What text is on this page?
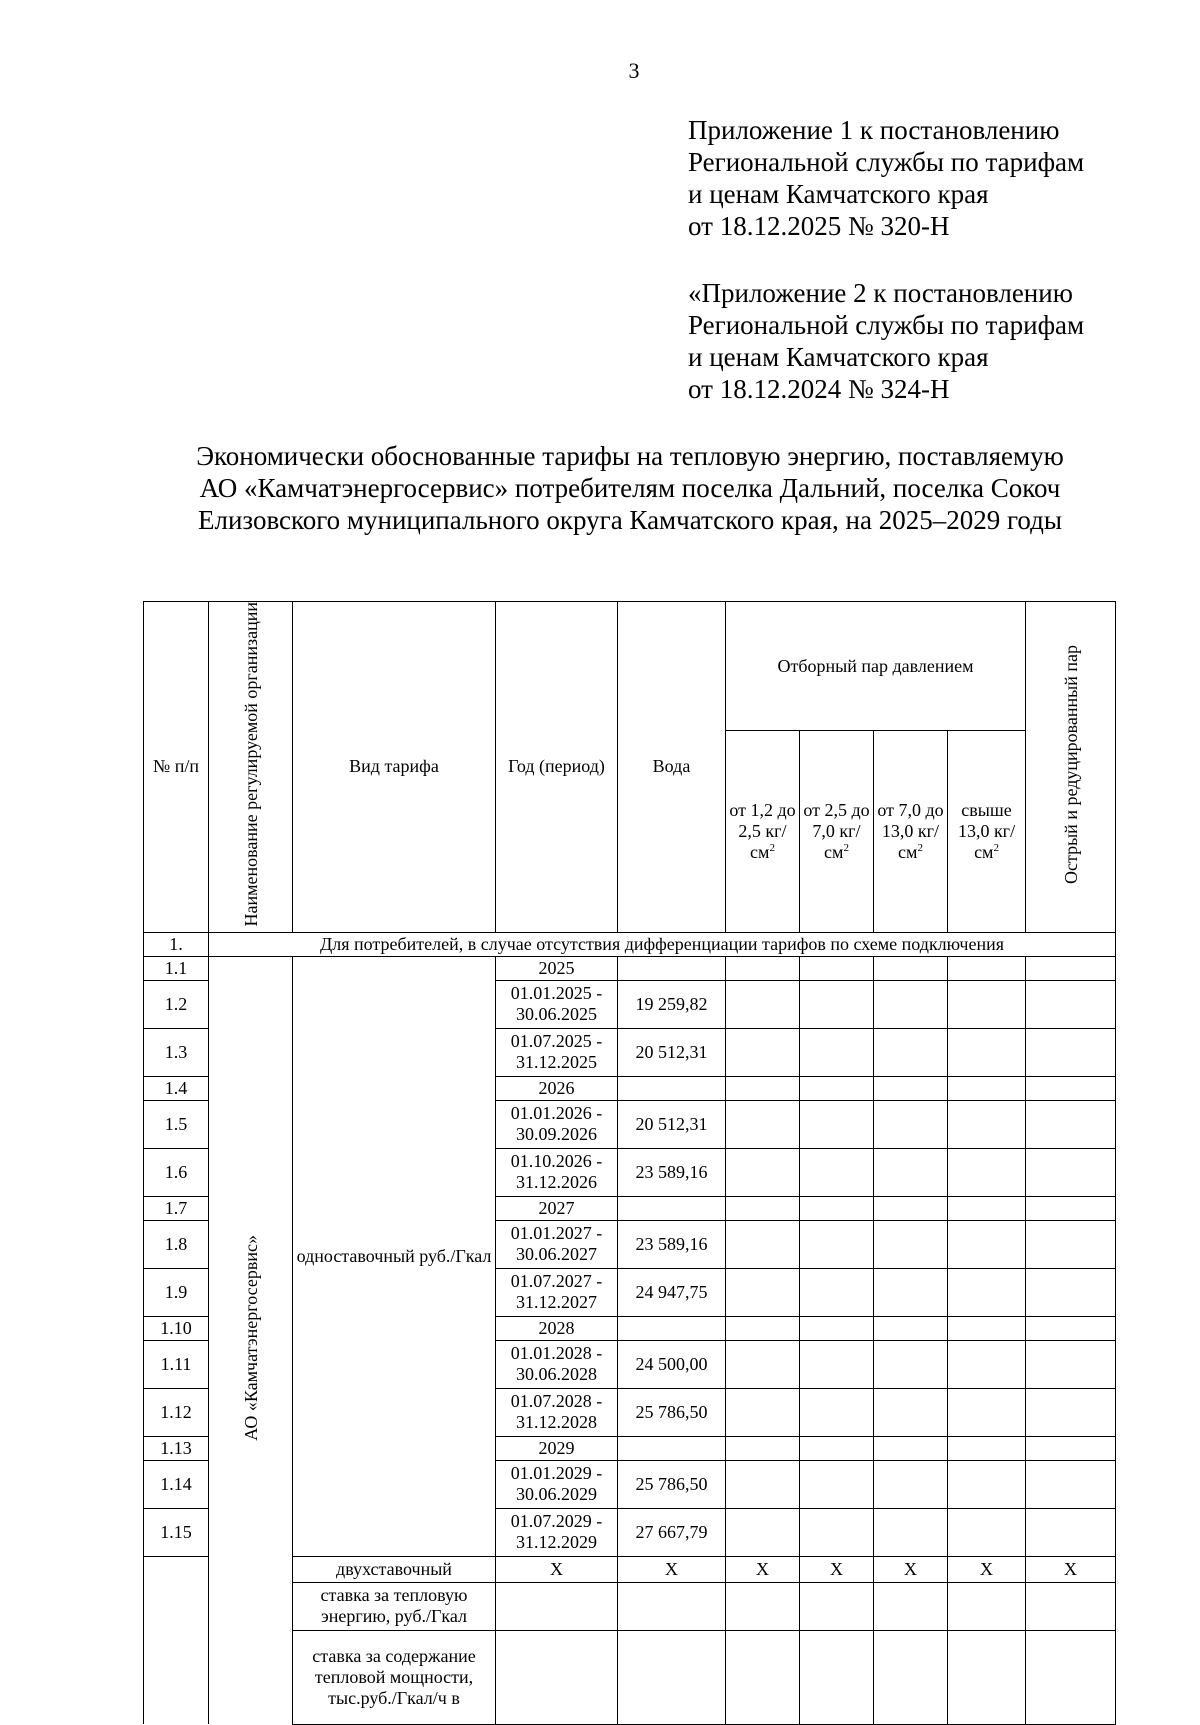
3
Приложение 1 к постановлению
Региональной службы по тарифам
и ценам Камчатского края
от 18.12.2025 № 320-Н
«Приложение 2 к постановлению
Региональной службы по тарифам
и ценам Камчатского края
от 18.12.2024 № 324-Н
Экономически обоснованные тарифы на тепловую энергию, поставляемую
АО «Камчатэнергосервис» потребителям поселка Дальний, поселка Сокоч
Елизовского муниципального округа Камчатского края, на 2025–2029 годы
№ п/п	Наименование регулируемой организации	Вид тарифа	Год (период)	Вода	Отборный пар давлением				Острый и редуцированный пар
					от 1,2 до 2,5 $кг/см^2$	от 2,5 до 7,0 $кг/см^2$	от 7,0 до 13,0 $кг/см^2$	свыше 13,0 $кг/см^2$
1.	Для потребителей, в случае отсутствия дифференциации тарифов по схеме подключения								
1.1	АО «Камчатэнергосервис»	одноставочный руб./Гкал	2025						
1.2			01.01.2025 - 30.06.2025	19 259,82					
1.3			01.07.2025 - 31.12.2025	20 512,31					
1.4			2026						
1.5			01.01.2026 - 30.09.2026	20 512,31					
1.6			01.10.2026 - 31.12.2026	23 589,16					
1.7			2027						
1.8			01.01.2027 - 30.06.2027	23 589,16					
1.9			01.07.2027 - 31.12.2027	24 947,75					
1.10			2028						
1.11			01.01.2028 - 30.06.2028	24 500,00					
1.12			01.07.2028 - 31.12.2028	25 786,50					
1.13			2029						
1.14			01.01.2029 - 30.06.2029	25 786,50					
1.15			01.07.2029 - 31.12.2029	27 667,79					
		двухставочный	X	X	X	X	X	X	X
		ставка за тепловую энергию, руб./Гкал							
		ставка за содержание тепловой мощности, тыс.руб./Гкал/ч в							
